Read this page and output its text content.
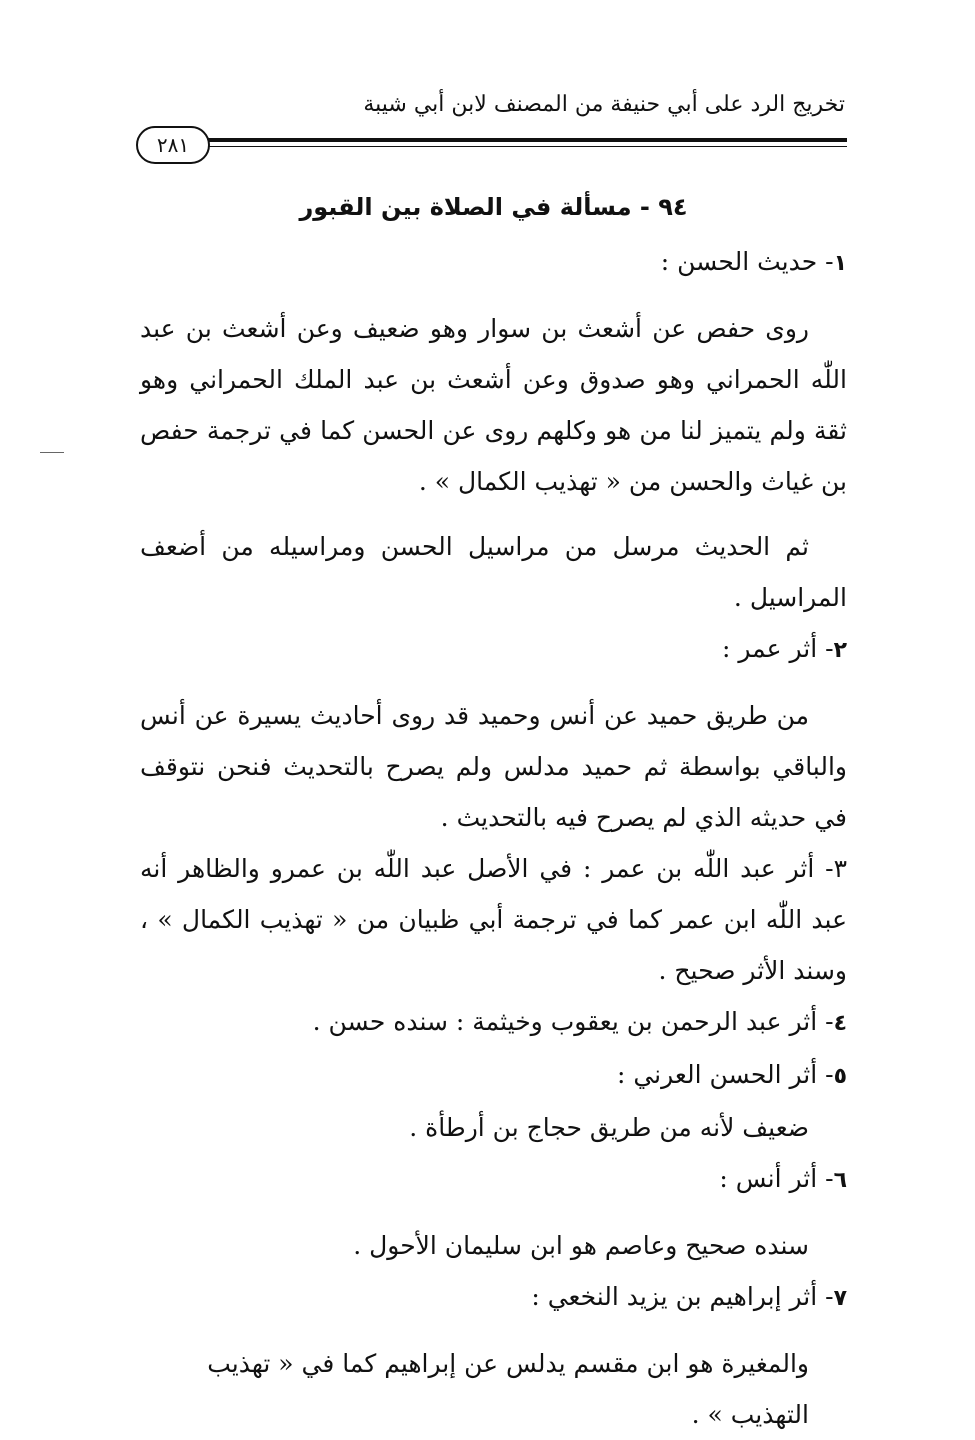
تخريج الرد على أبي حنيفة من المصنف لابن أبي شيبة
٢٨١
٩٤ - مسألة في الصلاة بين القبور
١- حديث الحسن :

روى حفص عن أشعث بن سوار وهو ضعيف وعن أشعث بن عبد اللّٰه الحمراني وهو صدوق وعن أشعث بن عبد الملك الحمراني وهو ثقة ولم يتميز لنا من هو وكلهم روى عن الحسن كما في ترجمة حفص بن غياث والحسن من « تهذيب الكمال » .

ثم الحديث مرسل من مراسيل الحسن ومراسيله من أضعف المراسيل .

٢- أثر عمر :

من طريق حميد عن أنس وحميد قد روى أحاديث يسيرة عن أنس والباقي بواسطة ثم حميد مدلس ولم يصرح بالتحديث فنحن نتوقف في حديثه الذي لم يصرح فيه بالتحديث .

٣- أثر عبد اللّٰه بن عمر : في الأصل عبد اللّٰه بن عمرو والظاهر أنه عبد اللّٰه ابن عمر كما في ترجمة أبي ظبيان من « تهذيب الكمال » ، وسند الأثر صحيح .

٤- أثر عبد الرحمن بن يعقوب وخيثمة : سنده حسن .
٥- أثر الحسن العرني :

ضعيف لأنه من طريق حجاج بن أرطأة .

٦- أثر أنس :

سنده صحيح وعاصم هو ابن سليمان الأحول .

٧- أثر إبراهيم بن يزيد النخعي :

والمغيرة هو ابن مقسم يدلس عن إبراهيم كما في « تهذيب التهذيب » .
